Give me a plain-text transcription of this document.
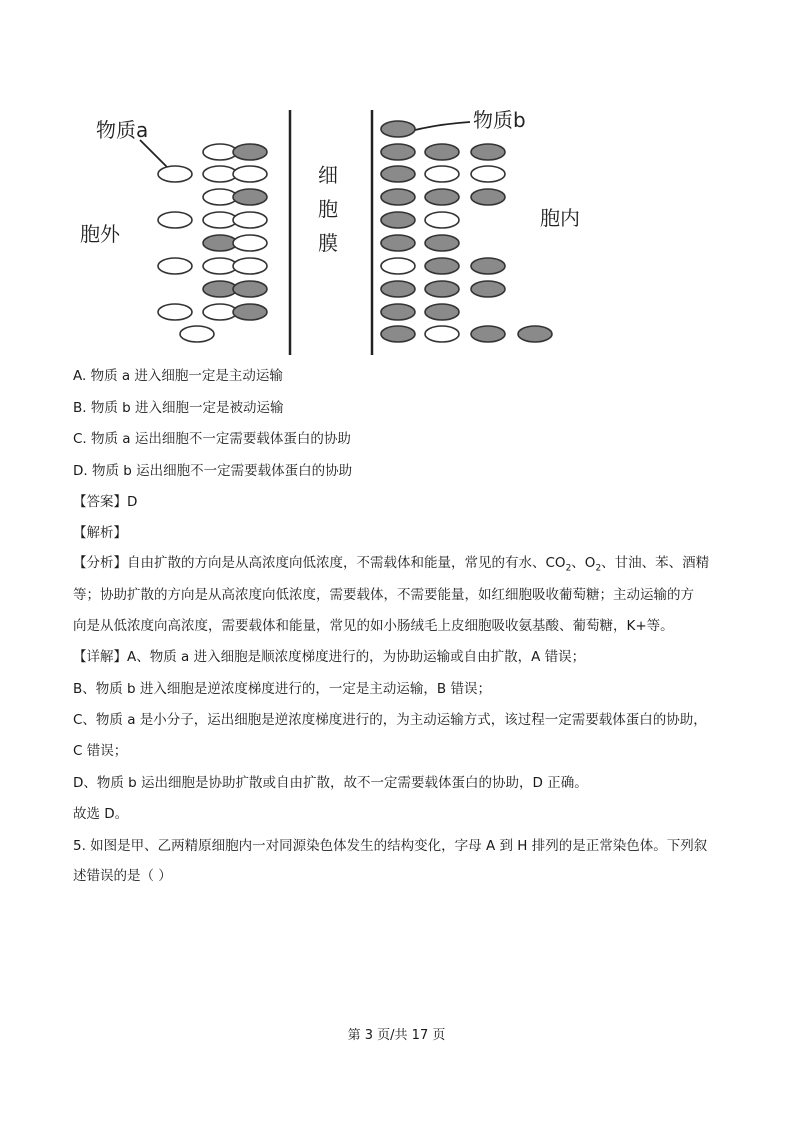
物质a	物质b
胞外
胞内
细
胞
膜
A. 物质 a 进入细胞一定是主动运输
B. 物质 b 进入细胞一定是被动运输
C. 物质 a 运出细胞不一定需要载体蛋白的协助
D. 物质 b 运出细胞不一定需要载体蛋白的协助
【答案】D
【解析】
【分析】自由扩散的方向是从高浓度向低浓度，不需载体和能量，常见的有水、$CO_2$、$O_2$、甘油、苯、酒精
等；协助扩散的方向是从高浓度向低浓度，需要载体，不需要能量，如红细胞吸收葡萄糖；主动运输的方
向是从低浓度向高浓度，需要载体和能量，常见的如小肠绒毛上皮细胞吸收氨基酸、葡萄糖，K+等。
【详解】A、物质 a 进入细胞是顺浓度梯度进行的，为协助运输或自由扩散，A 错误；
B、物质 b 进入细胞是逆浓度梯度进行的，一定是主动运输，B 错误；
C、物质 a 是小分子，运出细胞是逆浓度梯度进行的，为主动运输方式，该过程一定需要载体蛋白的协助，
C 错误；
D、物质 b 运出细胞是协助扩散或自由扩散，故不一定需要载体蛋白的协助，D 正确。
故选 D。
5. 如图是甲、乙两精原细胞内一对同源染色体发生的结构变化，字母 A 到 H 排列的是正常染色体。下列叙
述错误的是（ ）
第 3 页/共 17 页
